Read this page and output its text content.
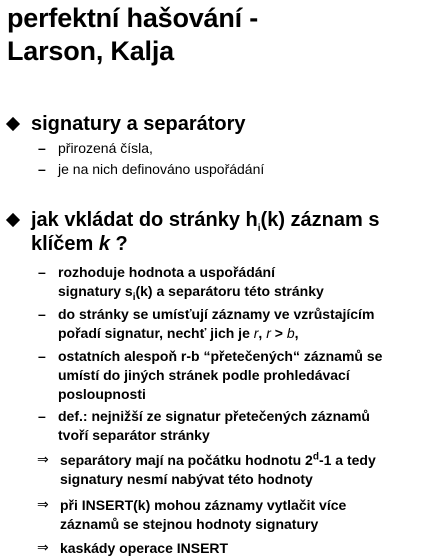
perfektní hašování -
Larson, Kalja
signatury a separátory
– přirozená čísla,
– je na nich definováno uspořádání
jak vkládat do stránky $h_i(k)$ záznam s
klíčem k ?
– rozhoduje hodnota a uspořádání
signatury $s_i(k)$ a separátoru této stránky
– do stránky se umísťují záznamy ve vzrůstajícím
pořadí signatur, nechť jich je r, r > b,
– ostatních alespoň r-b “přetečených“ záznamů se
umístí do jiných stránek podle prohledávací
posloupnosti
– def.: nejnižší ze signatur přetečených záznamů
tvoří separátor stránky
⇒ separátory mají na počátku hodnotu 2$^d$-1 a tedy
signatury nesmí nabývat této hodnoty
⇒ při INSERT(k) mohou záznamy vytlačit více
záznamů se stejnou hodnoty signatury
⇒ kaskády operace INSERT
